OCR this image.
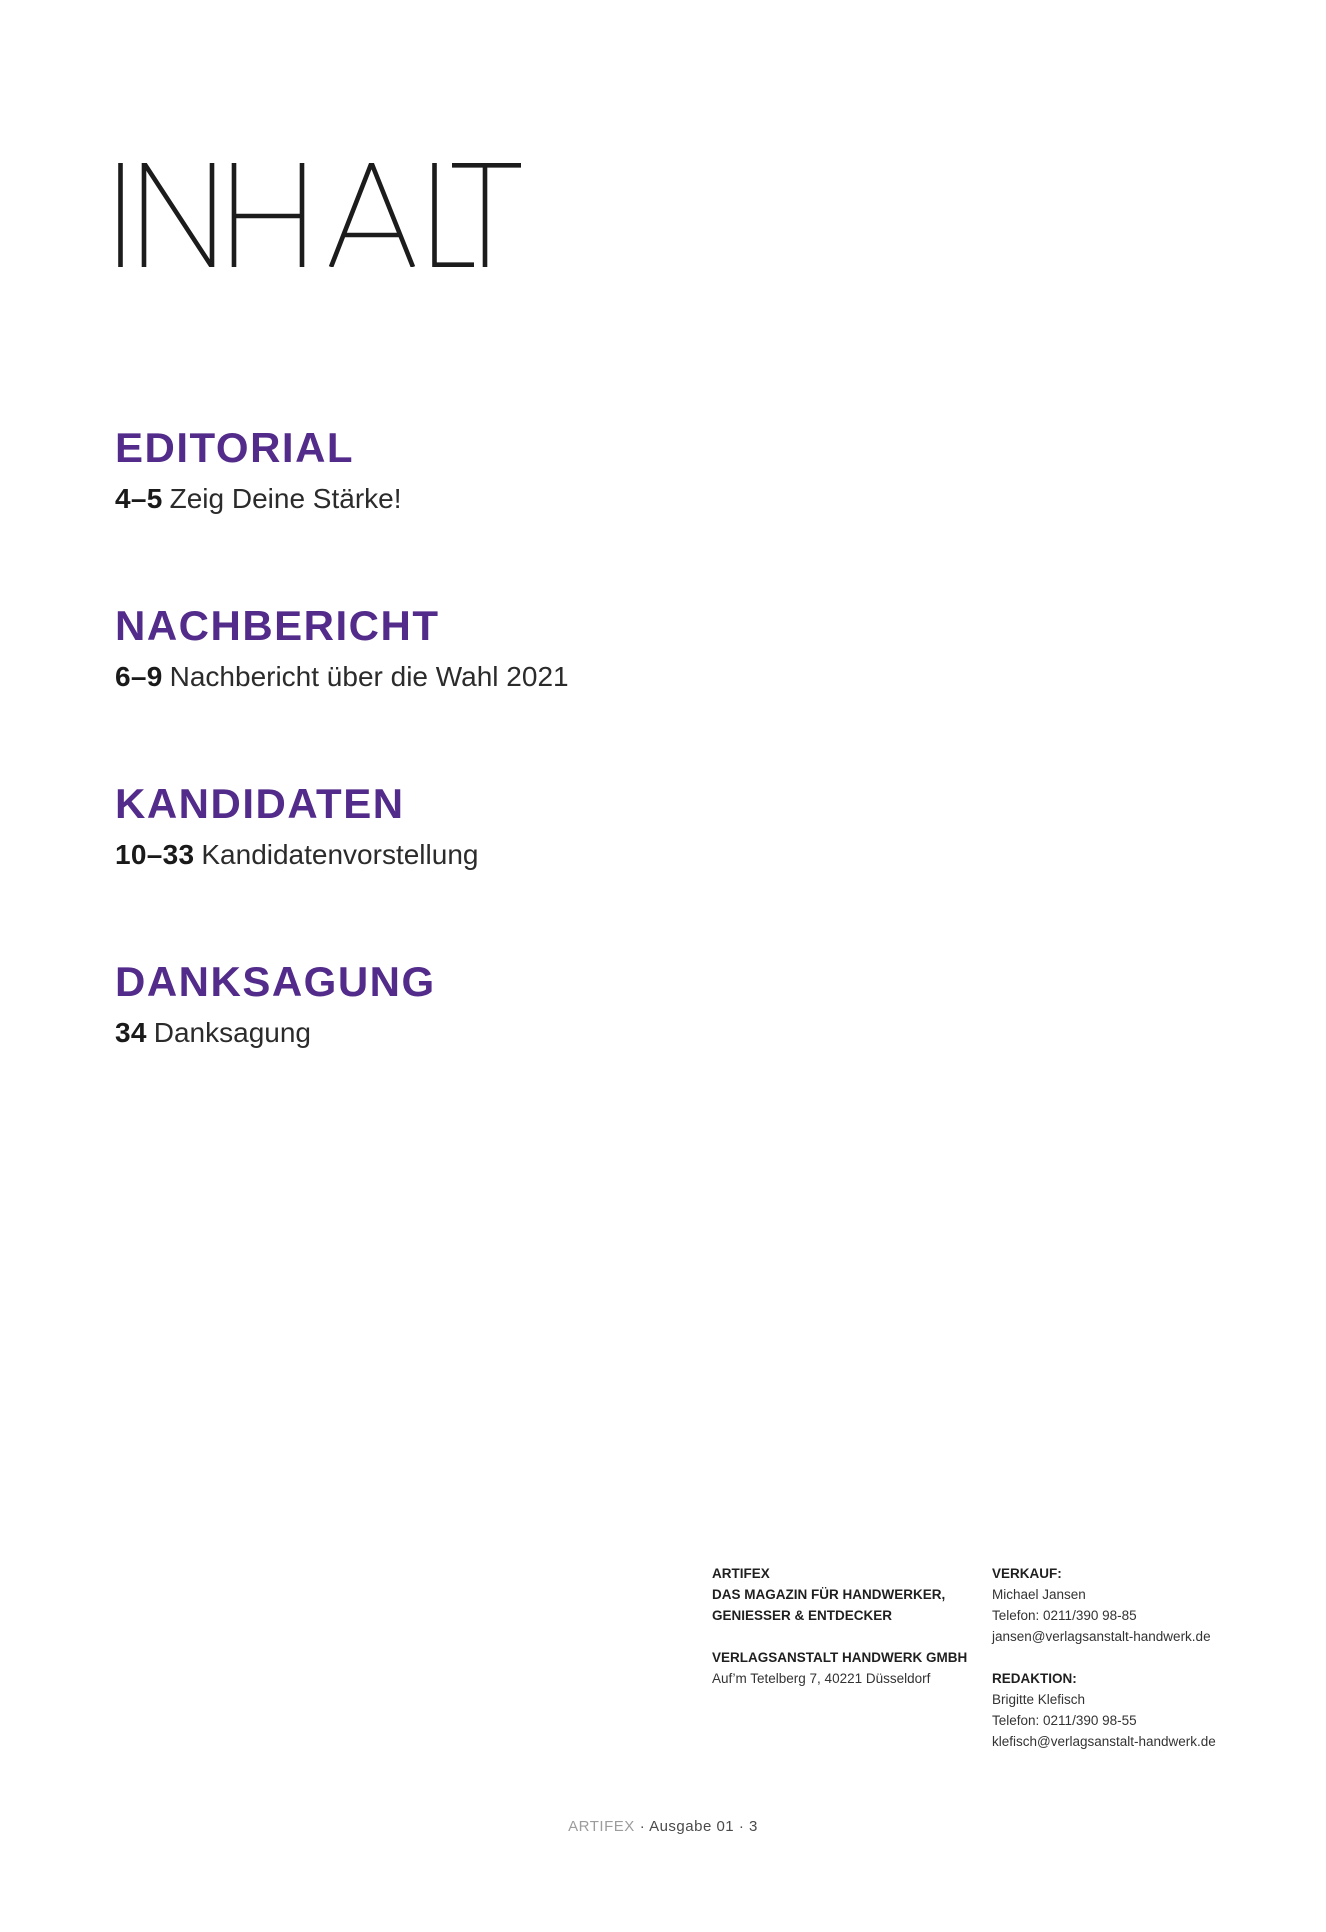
EDITORIAL

4–5 Zeig Deine Stärke!

NACHBERICHT

6–9 Nachbericht über die Wahl 2021

KANDIDATEN

10–33 Kandidatenvorstellung

DANKSAGUNG

34 Danksagung

ARTIFEX
DAS MAGAZIN FÜR HANDWERKER,
GENIESSER & ENTDECKER
VERLAGSANSTALT HANDWERK GMBH
Auf’m Tetelberg 7, 40221 Düsseldorf
VERKAUF:
Michael Jansen
Telefon: 0211/390 98-85
jansen@verlagsanstalt-handwerk.de
REDAKTION:
Brigitte Klefisch
Telefon: 0211/390 98-55
klefisch@verlagsanstalt-handwerk.de
ARTIFEX · Ausgabe 01 · 3
